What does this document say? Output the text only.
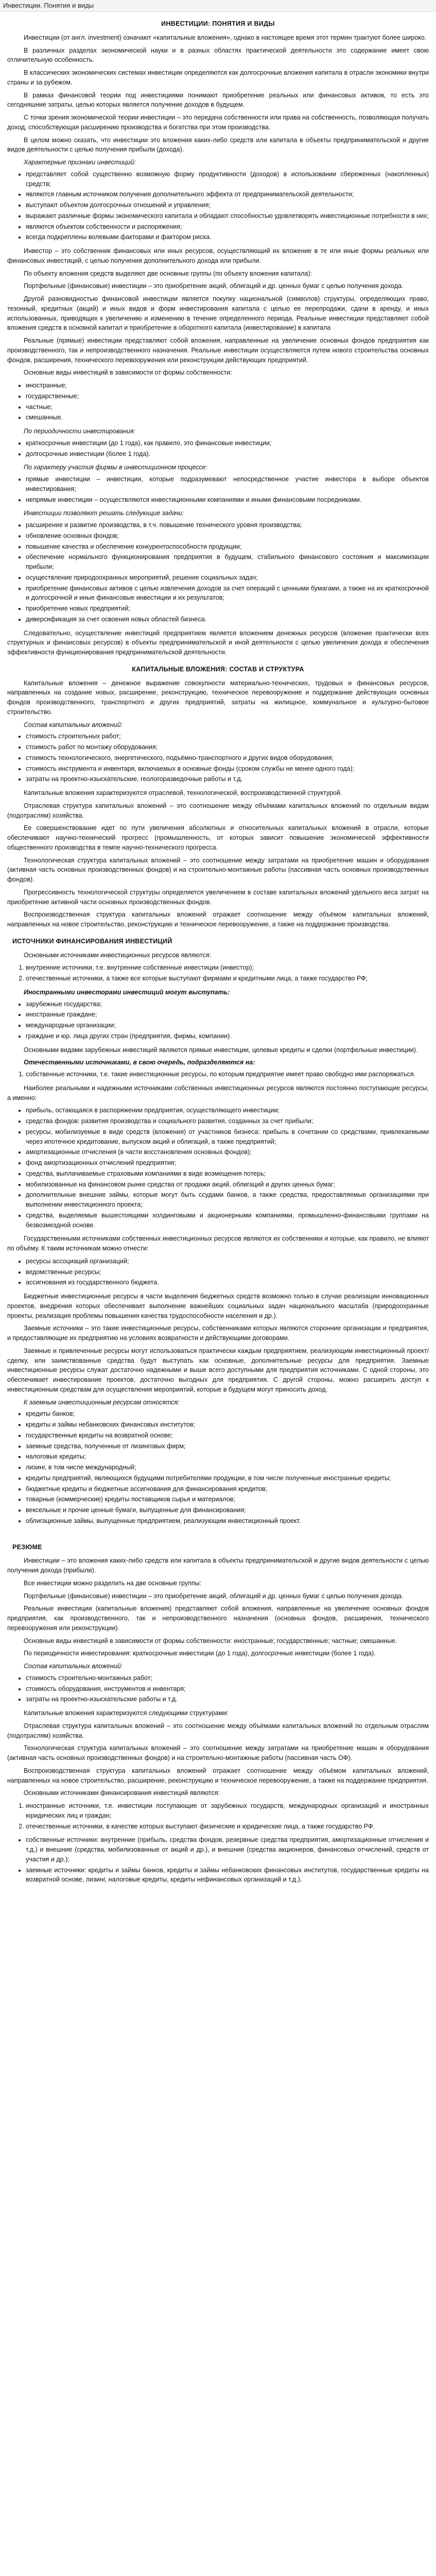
Инвестиции. Понятия и виды
ИНВЕСТИЦИИ: ПОНЯТИЯ И ВИДЫ

Инвестиции (от англ. investment) означают «капитальные вложения», однако в настоящее время этот термин трактуют более широко.

В различных разделах экономической науки и в разных областях практической деятельности это содержание имеет свою отличительную особенность.

В классических экономических системах инвестиции определяются как долгосрочные вложения капитала в отрасли экономики внутри страны и за рубежом.

В рамках финансовой теории под инвестициями понимают приобретение реальных или финансовых активов, то есть это сегодняшние затраты, целью которых является получение доходов в будущем.

С точки зрения экономической теории инвестиции – это передача собственности или права на собственность, позволяющая получать доход, способствующая расширению производства и богатства при этом производства.

В целом можно сказать, что инвестиции это вложения каких-либо средств или капитала в объекты предпринимательской и другие видов деятельности с целью получения прибыли (дохода).

Характерные признаки инвестиций:

• представляет собой существенно возможную форму продуктивности (доходов) в использовании сбереженных (накопленных) средств;
• являются главным источником получения дополнительного эффекта от предпринимательской деятельности;
• выступают объектом долгосрочных отношений и управления;
• выражают различные формы экономического капитала и обладают способностью удовлетворять инвестиционные потребности в них;
• являются объектом собственности и распоряжения;
• всегда подкреплены волевыми факторами и фактором риска.

Инвестор – это собственник финансовых или иных ресурсов, осуществляющий их вложение в те или иные формы реальных или финансовых инвестиций, с целью получения дополнительного дохода или прибыли.

По объекту вложения средств выделяют две основные группы (по объекту вложения капитала):

Портфельные (финансовые) инвестиции – это приобретение акций, облигаций и др. ценных бумаг с целью получения дохода.

Другой разновидностью финансовой инвестиции является покупку национальной (символов) структуры, определяющих право, тезонный, кредитных (акций) и иных видов и форм инвестирования капитала с целью ее перепродажи, сдачи в аренду, и иных использованных, приводящих к увеличению и изменению в течение определенного периода. Реальные инвестиции представляют собой вложения средств в основной капитал и приобретение в оборотного капитала (инвестирование) в капитала

Реальные (прямые) инвестиции представляют собой вложения, направленные на увеличение основных фондов предприятия как производственного, так и непроизводственного назначения. Реальные инвестиции осуществляются путем нового строительства основных фондов, расширения, технического перевооружения или реконструкции действующих предприятий.

Основные виды инвестиций в зависимости от формы собственности:

• иностранные;
• государственные;
• частные;
• смешанные.

По периодичности инвестирования:

• краткосрочные инвестиции (до 1 года), как правило, это финансовые инвестиции;
• долгосрочные инвестиции (более 1 года).

По характеру участия фирмы в инвестиционном процессе:

• прямые инвестиции – инвестиции, которые подразумевают непосредственное участие инвестора в выборе объектов инвестирования;
• непрямые инвестиции – осуществляются инвестиционными компаниями и иными финансовыми посредниками.

Инвестиции позволяют решать следующие задачи:

• расширение и развитие производства, в т.ч. повышение технического уровня производства;
• обновление основных фондов;
• повышение качества и обеспечение конкурентоспособности продукции;
• обеспечение нормального функционирования предприятия в будущем, стабильного финансового состояния и максимизации прибыли;
• осуществление природоохранных мероприятий, решение социальных задач;
• приобретение финансовых активов с целью извлечения доходов за счет операций с ценными бумагами, а также на их краткосрочной и долгосрочной и иные финансовые инвестиции и их результатов;
• приобретение новых предприятий;
• диверсификация за счет освоения новых областей бизнеса.

Следовательно, осуществление инвестиций предприятием является вложением денежных ресурсов (вложение практически всех структурных и финансовых ресурсов) в объекты предпринимательской и иной деятельности с целью увеличения дохода и обеспечения эффективности функционирования предпринимательской деятельности.

КАПИТАЛЬНЫЕ ВЛОЖЕНИЯ: СОСТАВ И СТРУКТУРА

Капитальные вложения – денежное выражение совокупности материально-технических, трудовых и финансовых ресурсов, направленных на создание новых, расширение, реконструкцию, техническое перевооружение и поддержание действующих основных фондов производственного, транспортного и других предприятий, затраты на жилищное, коммунальное и культурно-бытовое строительство.

Состав капитальных вложений:

• стоимость строительных работ;
• стоимость работ по монтажу оборудования;
• стоимость технологического, энергетического, подъёмно-транспортного и других видов оборудования;
• стоимость инструмента и инвентаря, включаемых в основные фонды (сроком службы не менее одного года);
• затраты на проектно-изыскательские, геологоразведочные работы и т.д.

Капитальные вложения характеризуются отраслевой, технологической, воспроизводственной структурой.

Отраслевая структура капитальных вложений – это соотношение между объёмами капитальных вложений по отдельным видам (подотраслям) хозяйства.

Ее совершенствование идет по пути увеличения абсолютных и относительных капитальных вложений в отрасли, которые обеспечивают научно-технический прогресс (промышленность, от которых зависит повышение экономической эффективности общественного производства в темпе научно-технического прогресса.

Технологическая структура капитальных вложений – это соотношение между затратами на приобретение машин и оборудования (активная часть основных производственных фондов) и на строительно-монтажные работы (пассивная часть основных производственных фондов).

Прогрессивность технологической структуры определяется увеличением в составе капитальных вложений удельного веса затрат на приобретение активной части основных производственных фондов.

Воспроизводственная структура капитальных вложений отражает соотношение между объёмом капитальных вложений, направленных на новое строительство, реконструкцию и техническое перевооружение, а также на поддержание производства.

ИСТОЧНИКИ ФИНАНСИРОВАНИЯ ИНВЕСТИЦИЙ

Основными источниками инвестиционных ресурсов являются:

1. внутренние источники, т.е. внутренние собственные инвестиции (инвестор);
2. отечественные источники, а также все которые выступают фирмами и кредитными лица, а также государство РФ;

Иностранными инвесторами инвестиций могут выступать:

• зарубежные государства;
• иностранные граждане;
• международные организации;
• граждане и юр. лица других стран (предприятия, фирмы, компании).

Основными видами зарубежных инвестиций являются прямые инвестиции, целевые кредиты и сделки (портфельные инвестиции).

Отечественными источниками, в свою очередь, подразделяются на:

1. собственные источники, т.е. такие инвестиционные ресурсы, по которым предприятие имеет право свободно ими распоряжаться.

Наиболее реальными и надежными источниками собственных инвестиционных ресурсов являются постоянно поступающие ресурсы, а именно:

• прибыль, остающаяся в распоряжении предприятия, осуществляющего инвестиции;
• средства фондов: развития производства и социального развития, созданных за счет прибыли;
• ресурсы, мобилизуемые в виде средств (вложения) от участников бизнеса: прибыль в сочетании со средствами, привлекаемыми через ипотечное кредитование, выпуском акций и облигаций, а также предприятий;
• амортизационные отчисления (в части восстановления основных фондов);
• фонд амортизационных отчислений предприятия;
• средства, выплачиваемые страховыми компаниями в виде возмещения потерь;
• мобилизованные на финансовом рынке средства от продажи акций, облигаций и других ценных бумаг;
• дополнительные внешние займы, которые могут быть ссудами банков, а также средства, предоставляемые организациями при выполнении инвестиционного проекта;
• средства, выделяемые вышестоящими холдинговыми и акционерными компаниями, промышленно-финансовыми группами на безвозмездной основе.

Государственными источниками собственных инвестиционных ресурсов являются их собственники и которые, как правило, не влияют по объёму. К таким источникам можно отнести:

• ресурсы ассоциаций организаций;
• ведомственные ресурсы;
• ассигнования из государственного бюджета.

Бюджетные инвестиционные ресурсы в части выделения бюджетных средств возможно только в случае реализации инновационных проектов, внедрения которых обеспечивает выполнение важнейших социальных задач национального масштаба (природоохранные проекты, реализация проблемы повышения качества трудоспособности населения и др.).

Заемные источники – это такие инвестиционные ресурсы, собственниками которых являются сторонние организации и предприятия, и предоставляющие их предприятию на условиях возвратности и действующими договорами.

Заемные и привлеченные ресурсы могут использоваться практически каждым предприятием, реализующим инвестиционный проект/сделку, или заимствованные средства будут выступать как основные, дополнительные ресурсы для предприятия. Заемные инвестиционные ресурсы служат достаточно надежными и выше всего доступными для предприятия источниками. С одной стороны, это обеспечивает инвестирование проектов, достаточно выгодных для предприятия. С другой стороны, можно расширить доступ к инвестиционным средствам для осуществления мероприятий, которые в будущем могут приносить доход.

К заемным инвестиционным ресурсам относятся:

• кредиты банков;
• кредиты и займы небанковских финансовых институтов;
• государственные кредиты на возвратной основе;
• заемные средства, полученные от лизинговых фирм;
• налоговые кредиты;
• лизинг, в том числе международный;
• кредиты предприятий, являющихся будущими потребителями продукции, в том числе полученные иностранные кредиты;
• бюджетные кредиты и бюджетные ассигнования для финансирования кредитов;
• товарные (коммерческие) кредиты поставщиков сырья и материалов;
• вексельные и прочие ценные бумаги, выпущенные для финансирования;
• облигационные займы, выпущенные предприятием, реализующим инвестиционный проект.
РЕЗЮМЕ

Инвестиции – это вложения каких-либо средств или капитала в объекты предпринимательской и другие видов деятельности с целью получения дохода (прибыли).

Все инвестиции можно разделить на две основные группы:

Портфельные (финансовые) инвестиции – это приобретение акций, облигаций и др. ценных бумаг с целью получения дохода.

Реальные инвестиции (капитальные вложения) представляют собой вложения, направленные на увеличение основных фондов предприятия, как производственного, так и непроизводственного назначения (основных фондов, расширения, технического перевооружения или реконструкции).

Основные виды инвестиций в зависимости от формы собственности: иностранные; государственные; частные; смешанные.

По периодичности инвестирования: краткосрочные инвестиции (до 1 года), долгосрочные инвестиции (более 1 года).

Состав капитальных вложений:

• стоимость строительно-монтажных работ;
• стоимость оборудования, инструментов и инвентаря;
• затраты на проектно-изыскательские работы и т.д.

Капитальные вложения характеризуются следующими структурами:

Отраслевая структура капитальных вложений – это соотношение между объёмами капитальных вложений по отдельным отраслям (подотраслям) хозяйства.

Технологическая структура капитальных вложений – это соотношение между затратами на приобретение машин и оборудования (активная часть основных производственных фондов) и на строительно-монтажные работы (пассивная часть ОФ).

Воспроизводственная структура капитальных вложений отражает соотношение между объёмом капитальных вложений, направленных на новое строительство, расширение, реконструкцию и техническое перевооружение, а также на поддержание предприятия.

Основными источниками финансирования инвестиций являются:

1. иностранные источники, т.е. инвестиции поступающие от зарубежных государств, международных организаций и иностранных юридических лиц и граждан;
2. отечественные источники, в качестве которых выступают физические и юридические лица, а также государство РФ.
• собственные источники: внутренние (прибыль, средства фондов, резервные средства предприятия, амортизационные отчисления и т.д.) и внешние (средства, мобилизованные от акций и др.), и внешние (средства акционеров, финансовых отчислений, средств от участия и др.);
• заемные источники: кредиты и займы банков, кредиты и займы небанковских финансовых институтов, государственные кредиты на возвратной основе, лизинг, налоговые кредиты, кредиты нефинансовых организаций и т.д.).
